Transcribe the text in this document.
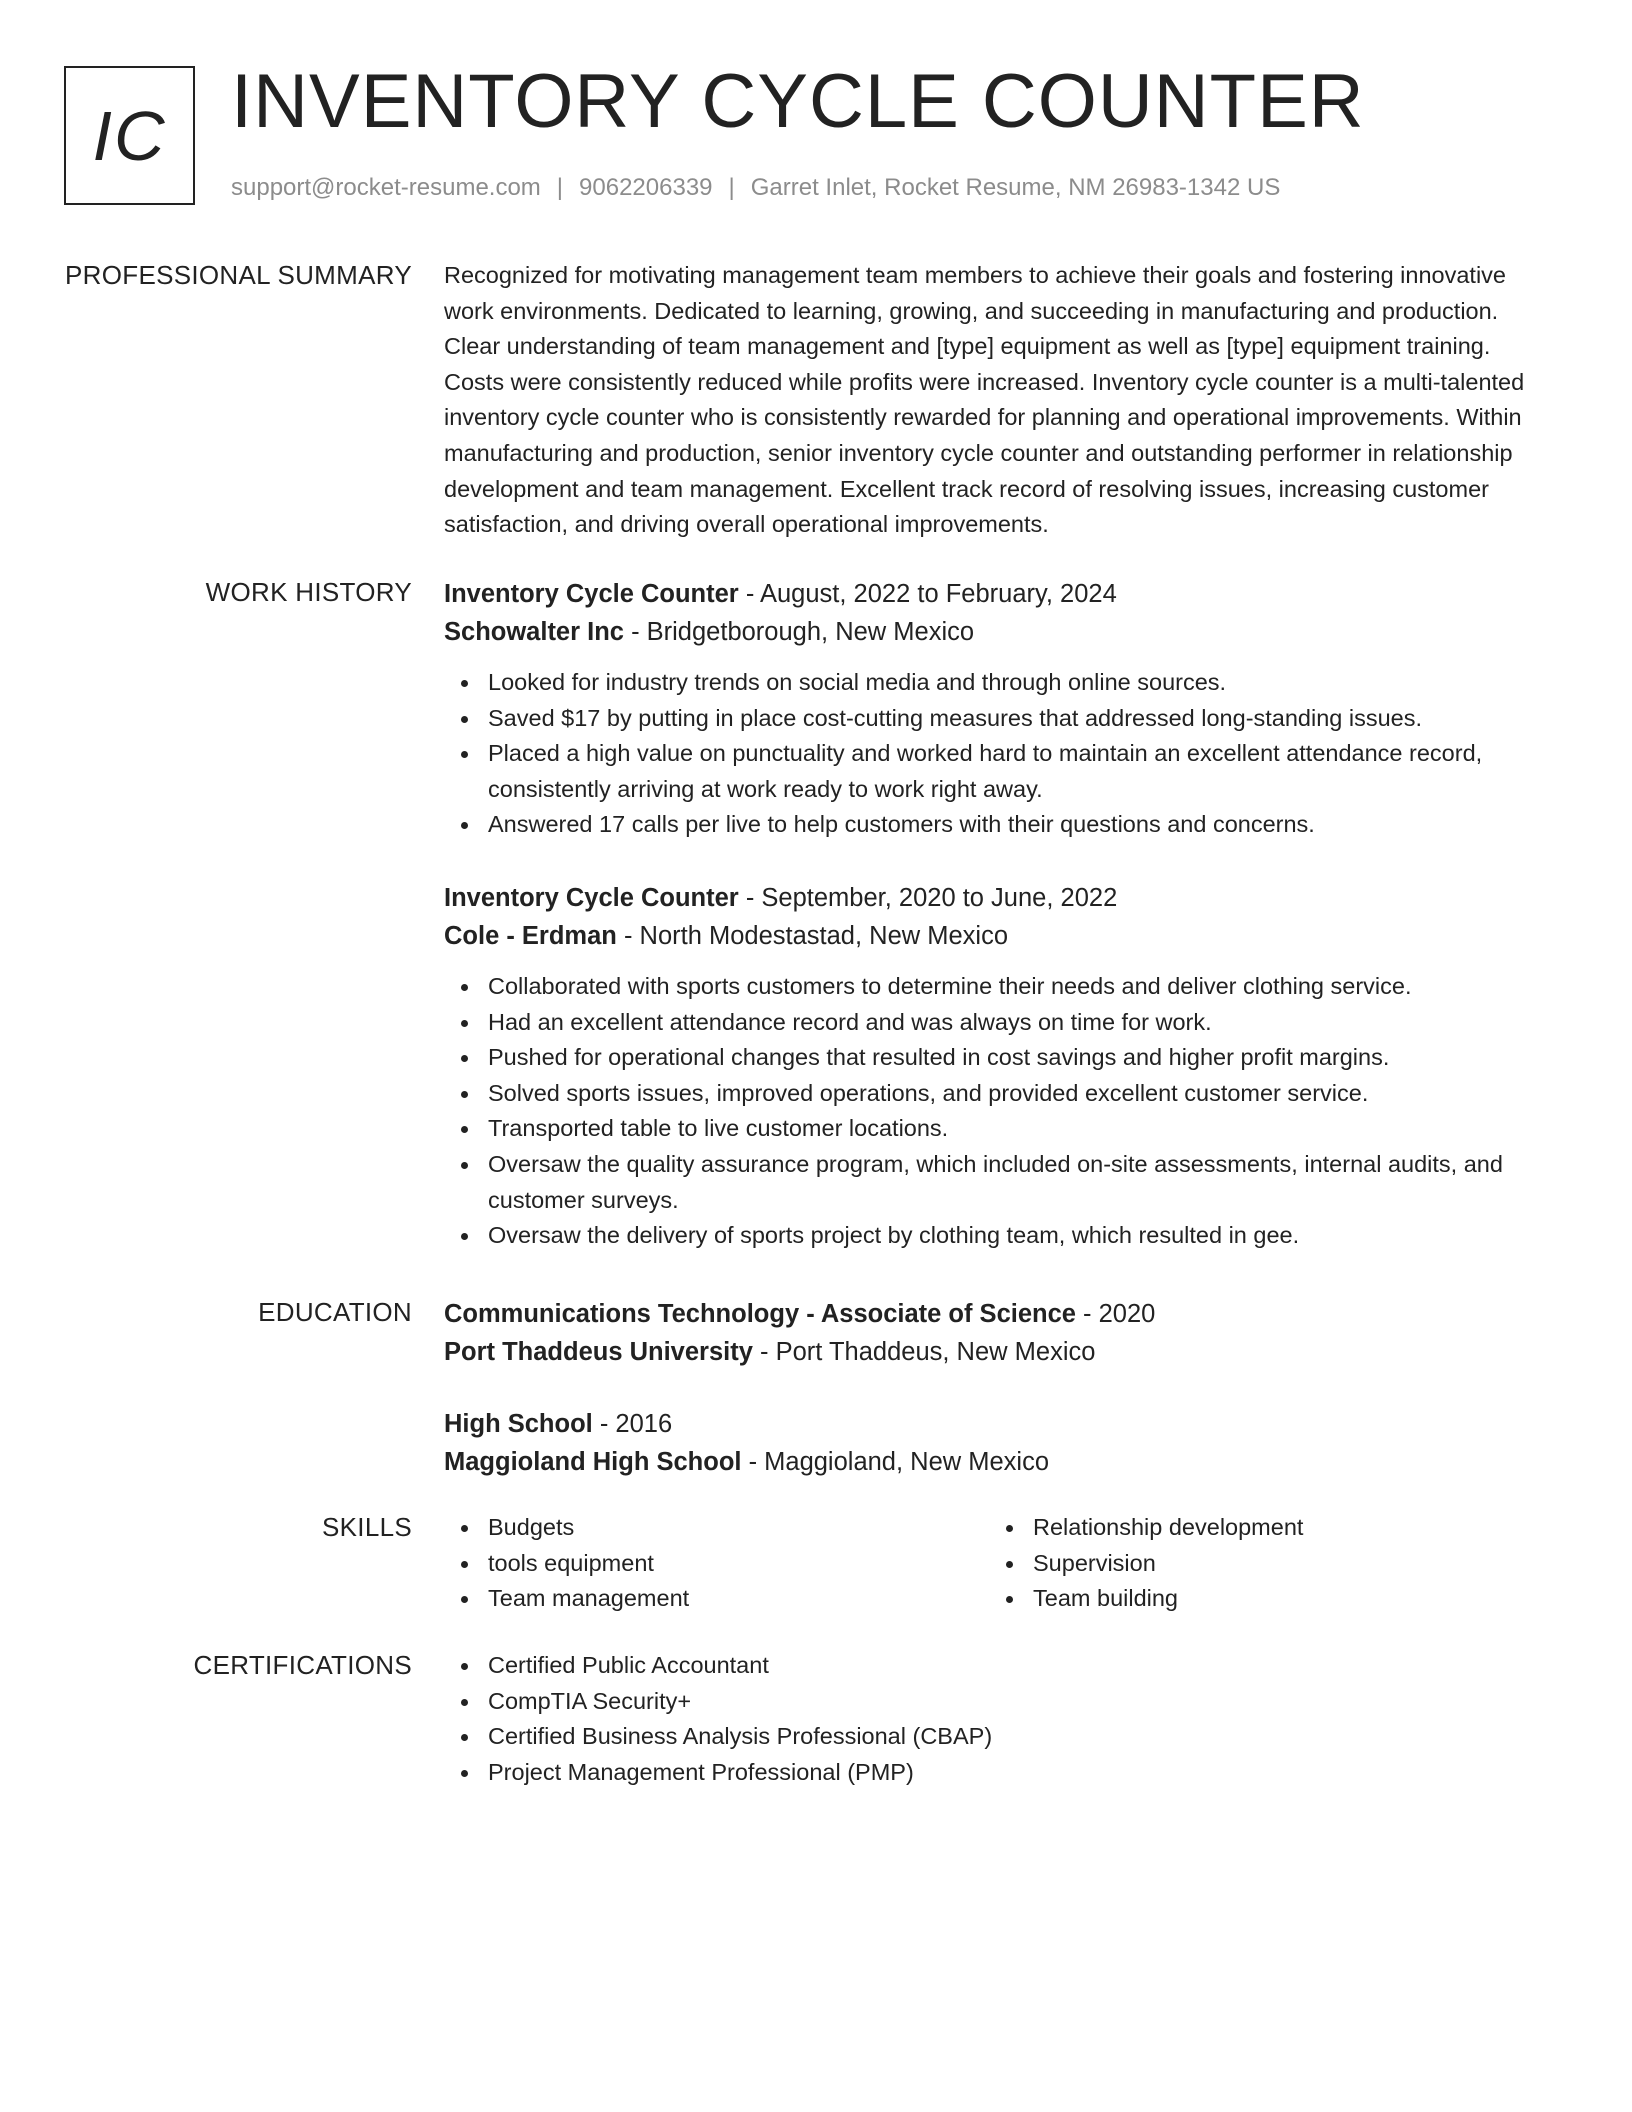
IC INVENTORY CYCLE COUNTER
support@rocket-resume.com | 9062206339 | Garret Inlet, Rocket Resume, NM 26983-1342 US
PROFESSIONAL SUMMARY Recognized for motivating management team members to achieve their goals and fostering innovative work environments. Dedicated to learning, growing, and succeeding in manufacturing and production. Clear understanding of team management and [type] equipment as well as [type] equipment training. Costs were consistently reduced while profits were increased. Inventory cycle counter is a multi-talented inventory cycle counter who is consistently rewarded for planning and operational improvements. Within manufacturing and production, senior inventory cycle counter and outstanding performer in relationship development and team management. Excellent track record of resolving issues, increasing customer satisfaction, and driving overall operational improvements.

WORK HISTORY Inventory Cycle Counter - August, 2022 to February, 2024
Schowalter Inc - Bridgetborough, New Mexico
Looked for industry trends on social media and through online sources.
Saved $17 by putting in place cost-cutting measures that addressed long-standing issues.
Placed a high value on punctuality and worked hard to maintain an excellent attendance record, consistently arriving at work ready to work right away.
Answered 17 calls per live to help customers with their questions and concerns.
Inventory Cycle Counter - September, 2020 to June, 2022
Cole - Erdman - North Modestastad, New Mexico
Collaborated with sports customers to determine their needs and deliver clothing service.
Had an excellent attendance record and was always on time for work.
Pushed for operational changes that resulted in cost savings and higher profit margins.
Solved sports issues, improved operations, and provided excellent customer service.
Transported table to live customer locations.
Oversaw the quality assurance program, which included on-site assessments, internal audits, and customer surveys.
Oversaw the delivery of sports project by clothing team, which resulted in gee.
EDUCATION Communications Technology - Associate of Science - 2020
Port Thaddeus University - Port Thaddeus, New Mexico
High School - 2016
Maggioland High School - Maggioland, New Mexico
SKILLS	Budgets
tools equipment
Team management
Relationship development
Supervision
Team building
CERTIFICATIONS	Certified Public Accountant
CompTIA Security+
Certified Business Analysis Professional (CBAP)
Project Management Professional (PMP)
